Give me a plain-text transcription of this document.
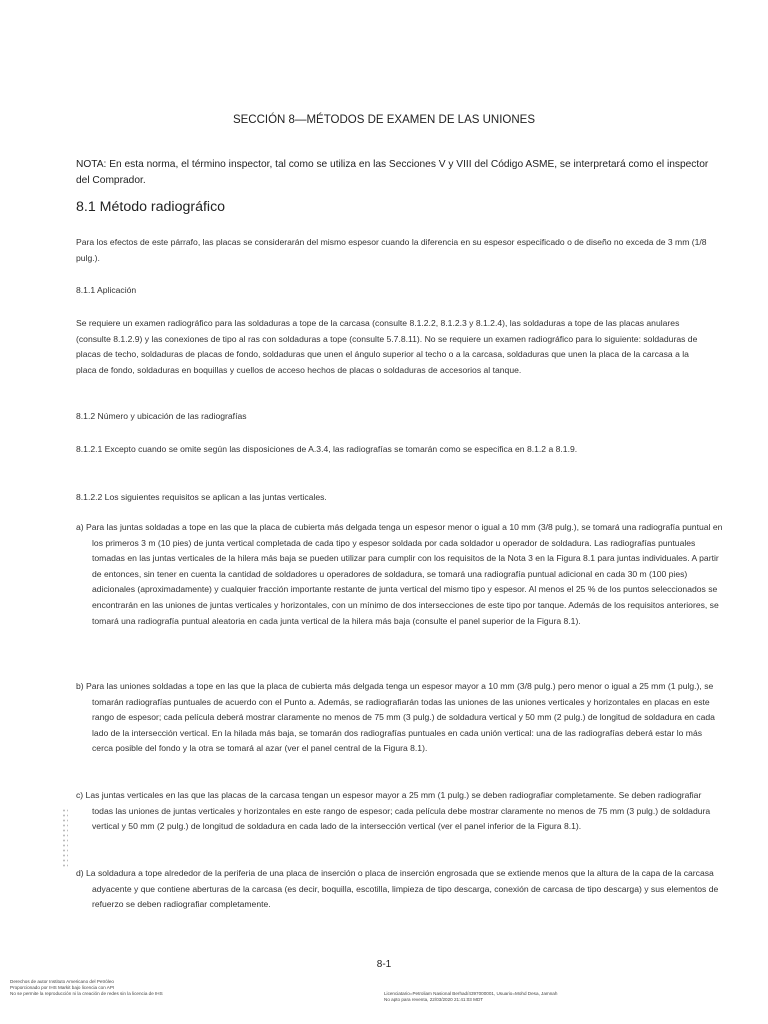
SECCIÓN 8—MÉTODOS DE EXAMEN DE LAS UNIONES
NOTA: En esta norma, el término inspector, tal como se utiliza en las Secciones V y VIII del Código ASME, se interpretará como el inspector del Comprador.
8.1 Método radiográfico
Para los efectos de este párrafo, las placas se considerarán del mismo espesor cuando la diferencia en su espesor especificado o de diseño no exceda de 3 mm (1/8 pulg.).
8.1.1 Aplicación
Se requiere un examen radiográfico para las soldaduras a tope de la carcasa (consulte 8.1.2.2, 8.1.2.3 y 8.1.2.4), las soldaduras a tope de las placas anulares (consulte 8.1.2.9) y las conexiones de tipo al ras con soldaduras a tope (consulte 5.7.8.11). No se requiere un examen radiográfico para lo siguiente: soldaduras de placas de techo, soldaduras de placas de fondo, soldaduras que unen el ángulo superior al techo o a la carcasa, soldaduras que unen la placa de la carcasa a la placa de fondo, soldaduras en boquillas y cuellos de acceso hechos de placas o soldaduras de accesorios al tanque.
8.1.2 Número y ubicación de las radiografías
8.1.2.1 Excepto cuando se omite según las disposiciones de A.3.4, las radiografías se tomarán como se especifica en 8.1.2 a 8.1.9.
8.1.2.2 Los siguientes requisitos se aplican a las juntas verticales.
a) Para las juntas soldadas a tope en las que la placa de cubierta más delgada tenga un espesor menor o igual a 10 mm (3/8 pulg.), se tomará una radiografía puntual en los primeros 3 m (10 pies) de junta vertical completada de cada tipo y espesor soldada por cada soldador u operador de soldadura. Las radiografías puntuales tomadas en las juntas verticales de la hilera más baja se pueden utilizar para cumplir con los requisitos de la Nota 3 en la Figura 8.1 para juntas individuales. A partir de entonces, sin tener en cuenta la cantidad de soldadores u operadores de soldadura, se tomará una radiografía puntual adicional en cada 30 m (100 pies) adicionales (aproximadamente) y cualquier fracción importante restante de junta vertical del mismo tipo y espesor. Al menos el 25 % de los puntos seleccionados se encontrarán en las uniones de juntas verticales y horizontales, con un mínimo de dos intersecciones de este tipo por tanque. Además de los requisitos anteriores, se tomará una radiografía puntual aleatoria en cada junta vertical de la hilera más baja (consulte el panel superior de la Figura 8.1).
b) Para las uniones soldadas a tope en las que la placa de cubierta más delgada tenga un espesor mayor a 10 mm (3/8 pulg.) pero menor o igual a 25 mm (1 pulg.), se tomarán radiografías puntuales de acuerdo con el Punto a. Además, se radiografiarán todas las uniones de las uniones verticales y horizontales en placas en este rango de espesor; cada película deberá mostrar claramente no menos de 75 mm (3 pulg.) de soldadura vertical y 50 mm (2 pulg.) de longitud de soldadura en cada lado de la intersección vertical. En la hilada más baja, se tomarán dos radiografías puntuales en cada unión vertical: una de las radiografías deberá estar lo más cerca posible del fondo y la otra se tomará al azar (ver el panel central de la Figura 8.1).
c) Las juntas verticales en las que las placas de la carcasa tengan un espesor mayor a 25 mm (1 pulg.) se deben radiografiar completamente. Se deben radiografiar todas las uniones de juntas verticales y horizontales en este rango de espesor; cada película debe mostrar claramente no menos de 75 mm (3 pulg.) de soldadura vertical y 50 mm (2 pulg.) de longitud de soldadura en cada lado de la intersección vertical (ver el panel inferior de la Figura 8.1).
d) La soldadura a tope alrededor de la periferia de una placa de inserción o placa de inserción engrosada que se extiende menos que la altura de la capa de la carcasa adyacente y que contiene aberturas de la carcasa (es decir, boquilla, escotilla, limpieza de tipo descarga, conexión de carcasa de tipo descarga) y sus elementos de refuerzo se deben radiografiar completamente.
8-1
Derechos de autor Instituto Americano del Petróleo
Proporcionado por IHS Markit bajo licencia con API
No se permite la reproducción ni la creación de redes sin la licencia de IHS	Licenciatario=Petroliam Nasional Berhad/4397000001, Usuario=Mohd Desa, Jamnah
No apto para reventa, 22/03/2020 21:41:03 MDT
